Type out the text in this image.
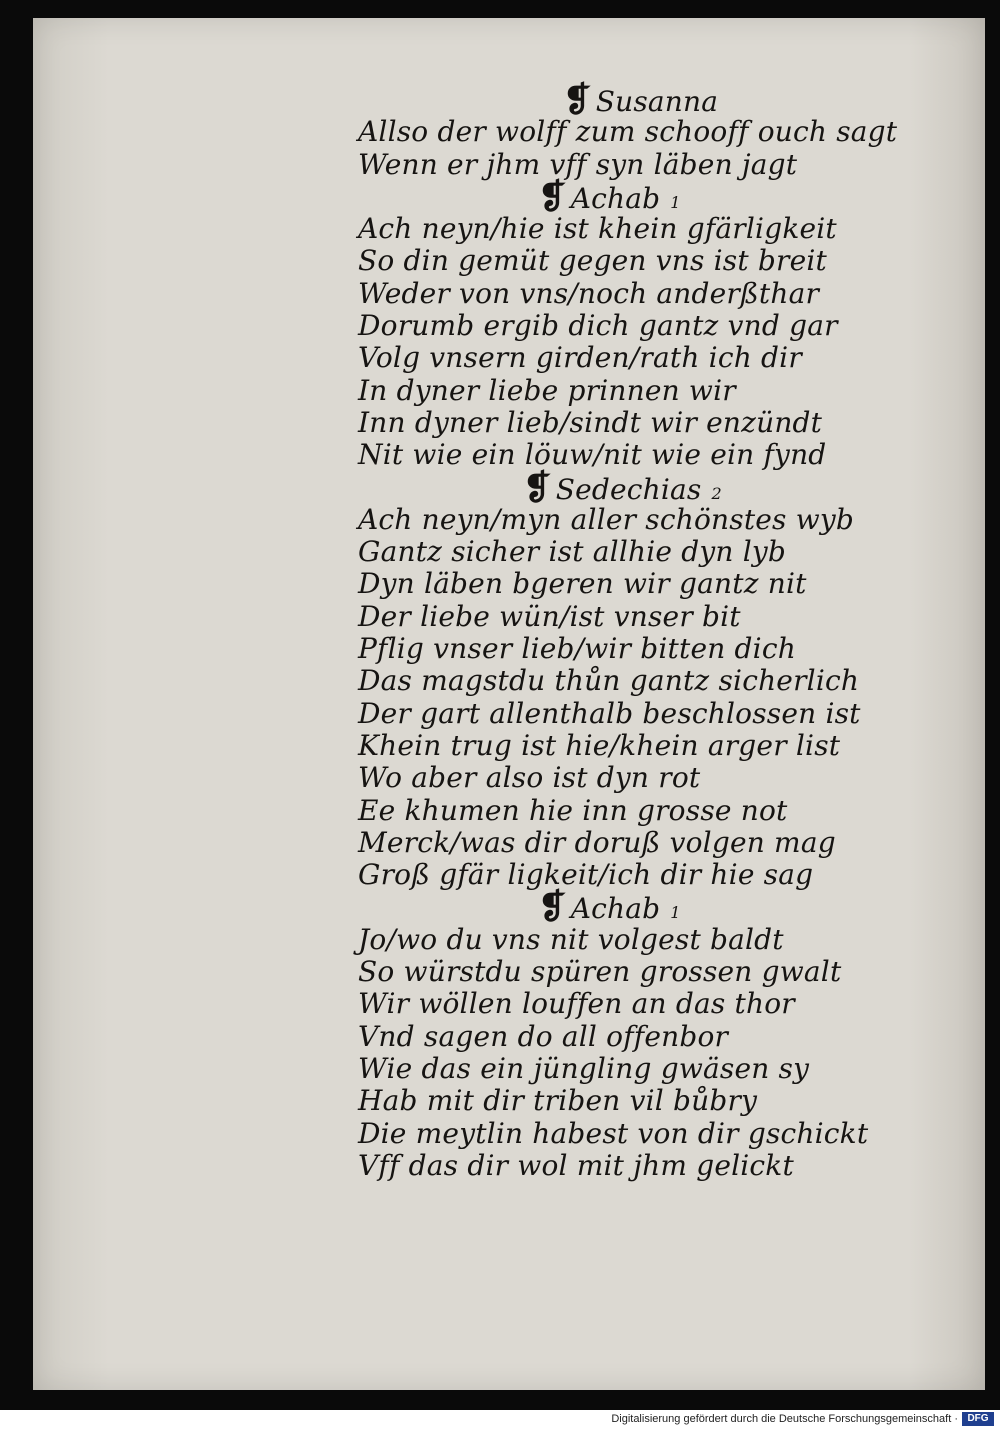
❡ Susanna
Allso der wolff zum schooff ouch sagt
Wenn er jhm vff syn läben jagt
❡ Achab 1
Ach neyn/hie ist khein gfärligkeit
So din gemüt gegen vns ist breit
Weder von vns/noch anderßthar
Dorumb ergib dich gantz vnd gar
Volg vnsern girden/rath ich dir
In dyner liebe prinnen wir
Inn dyner lieb/sindt wir enzündt
Nit wie ein löuw/nit wie ein fynd
❡ Sedechias 2
Ach neyn/myn aller schönstes wyb
Gantz sicher ist allhie dyn lyb
Dyn läben bgeren wir gantz nit
Der liebe wün/ist vnser bit
Pflig vnser lieb/wir bitten dich
Das magstdu thůn gantz sicherlich
Der gart allenthalb beschlossen ist
Khein trug ist hie/khein arger list
Wo aber also ist dyn rot
Ee khumen hie inn grosse not
Merck/was dir doruß volgen mag
Groß gfär ligkeit/ich dir hie sag
❡ Achab 1
Jo/wo du vns nit volgest baldt
So würstdu spüren grossen gwalt
Wir wöllen louffen an das thor
Vnd sagen do all offenbor
Wie das ein jüngling gwäsen sy
Hab mit dir triben vil bůbry
Die meytlin habest von dir gschickt
Vff das dir wol mit jhm gelickt
Digitalisierung gefördert durch die Deutsche Forschungsgemeinschaft · DFG
